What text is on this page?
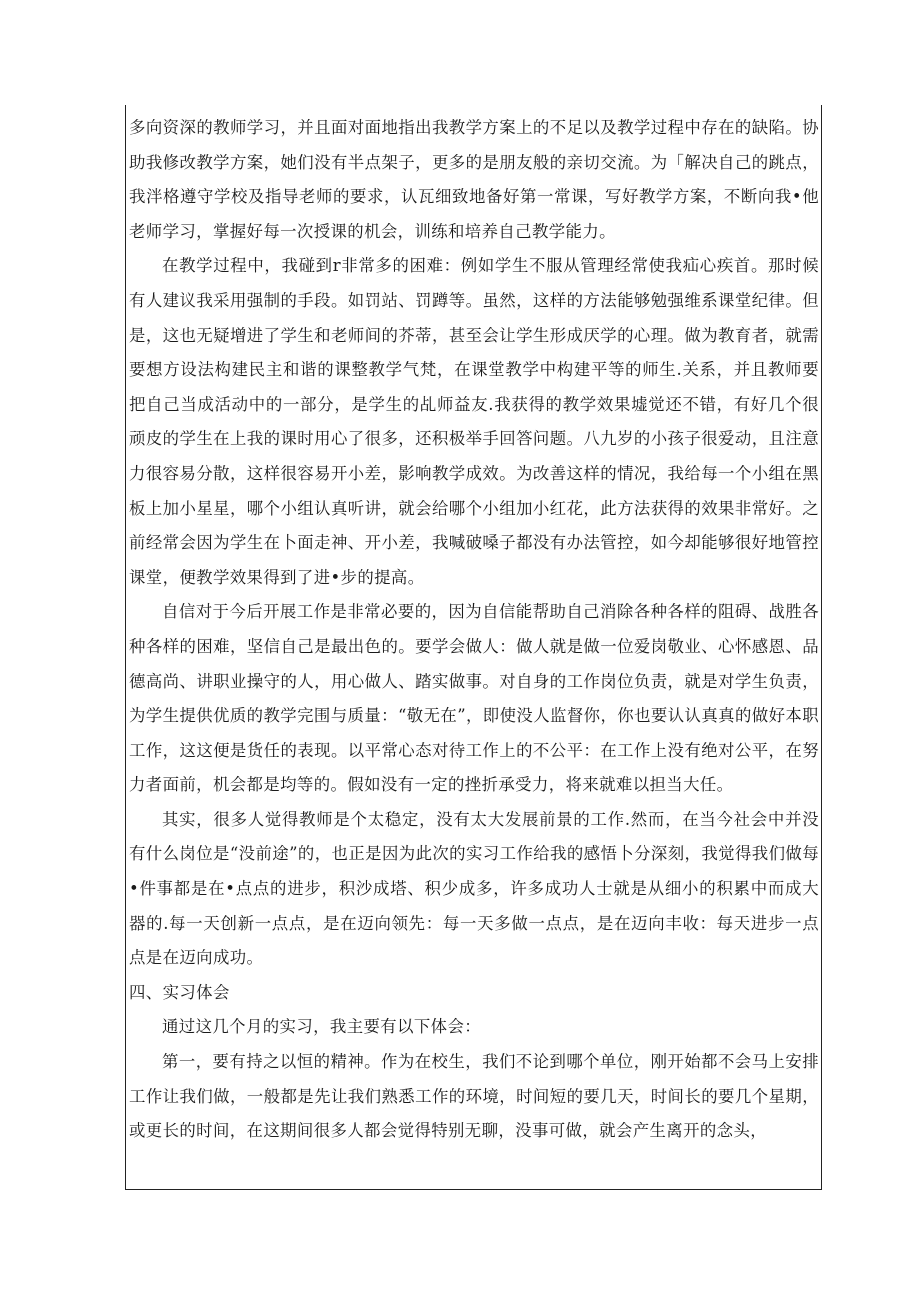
多向资深的教师学习，并且面对面地指出我教学方案上的不足以及教学过程中存在的缺陷。协助我修改教学方案，她们没有半点架子，更多的是朋友般的亲切交流。为「解决自己的跳点，我泮格遵守学校及指导老师的要求，认瓦细致地备好第一常课，写好教学方案，不断向我•他老师学习，掌握好每一次授课的机会，训练和培养自己教学能力。

在教学过程中，我碰到r非常多的困难：例如学生不服从管理经常使我疝心疾首。那时候有人建议我采用强制的手段。如罚站、罚蹲等。虽然，这样的方法能够勉强维系课堂纪律。但是，这也无疑增进了学生和老师间的芥蒂，甚至会让学生形成厌学的心理。做为教育者，就需要想方设法构建民主和谐的课整教学气梵，在课堂教学中构建平等的师生.关系，并且教师要把自己当成活动中的一部分，是学生的乩师益友.我获得的教学效果墟觉还不错，有好几个很顽皮的学生在上我的课时用心了很多，还积极举手回答问题。八九岁的小孩子很爱动，且注意力很容易分散，这样很容易开小差，影响教学成效。为改善这样的情况，我给每一个小组在黑板上加小星星，哪个小组认真听讲，就会给哪个小组加小红花，此方法获得的效果非常好。之前经常会因为学生在卜面走神、开小差，我喊破嗓子都没有办法管控，如今却能够很好地管控课堂，便教学效果得到了进•步的提高。

自信对于今后开展工作是非常必要的，因为自信能帮助自己消除各种各样的阻碍、战胜各种各样的困难，坚信自己是最出色的。要学会做人：做人就是做一位爱岗敬业、心怀感恩、品德高尚、讲职业操守的人，用心做人、踏实做事。对自身的工作岗位负责，就是对学生负责，为学生提供优质的教学完围与质量：“敬无在”，即使没人监督你，你也要认认真真的做好本职工作，这这便是货任的表现。以平常心态对待工作上的不公平：在工作上没有绝对公平，在努力者面前，机会都是均等的。假如没有一定的挫折承受力，将来就难以担当大任。

其实，很多人觉得教师是个太稳定，没有太大发展前景的工作.然而，在当今社会中并没有什么岗位是“没前途”的，也正是因为此次的实习工作给我的感悟卜分深刻，我觉得我们做每•件事都是在•点点的进步，积沙成塔、积少成多，许多成功人士就是从细小的积累中而成大器的.每一天创新一点点，是在迈向领先：每一天多做一点点，是在迈向丰收：每天进步一点点是在迈向成功。

四、实习体会

通过这几个月的实习，我主要有以下体会：

第一，要有持之以恒的精神。作为在校生，我们不论到哪个单位，刚开始都不会马上安排工作让我们做，一般都是先让我们熟悉工作的环境，时间短的要几天，时间长的要几个星期，或更长的时间，在这期间很多人都会觉得特别无聊，没事可做，就会产生离开的念头，
